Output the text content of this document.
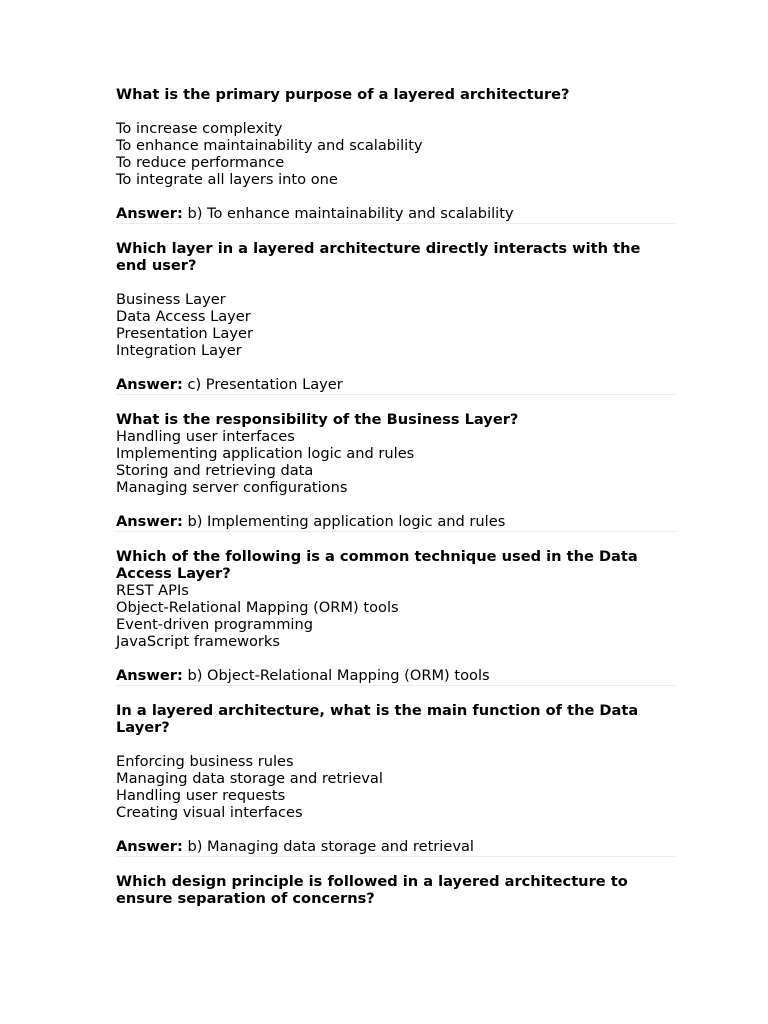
What is the primary purpose of a layered architecture?

To increase complexity
To enhance maintainability and scalability
To reduce performance
To integrate all layers into one

Answer: b) To enhance maintainability and scalability

Which layer in a layered architecture directly interacts with the end user?

Business Layer
Data Access Layer
Presentation Layer
Integration Layer

Answer: c) Presentation Layer

What is the responsibility of the Business Layer?

Handling user interfaces
Implementing application logic and rules
Storing and retrieving data
Managing server configurations

Answer: b) Implementing application logic and rules

Which of the following is a common technique used in the Data Access Layer?

REST APIs
Object-Relational Mapping (ORM) tools
Event-driven programming
JavaScript frameworks

Answer: b) Object-Relational Mapping (ORM) tools

In a layered architecture, what is the main function of the Data Layer?

Enforcing business rules
Managing data storage and retrieval
Handling user requests
Creating visual interfaces

Answer: b) Managing data storage and retrieval

Which design principle is followed in a layered architecture to ensure separation of concerns?
